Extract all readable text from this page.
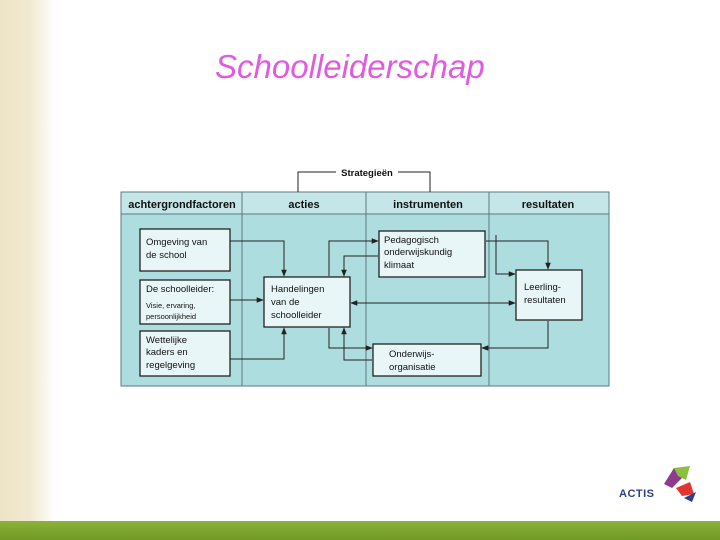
Schoolleiderschap
achtergrondfactoren	acties	instrumenten	resultaten
Strategieën
Omgeving van de school
De schoolleider:
Visie, ervaring, persoonlijkheid
Wettelijke kaders en regelgeving
Handelingen van de schoolleider
Pedagogisch onderwijskundig klimaat
Onderwijs- organisatie
Leerling- resultaten
ACTIS
